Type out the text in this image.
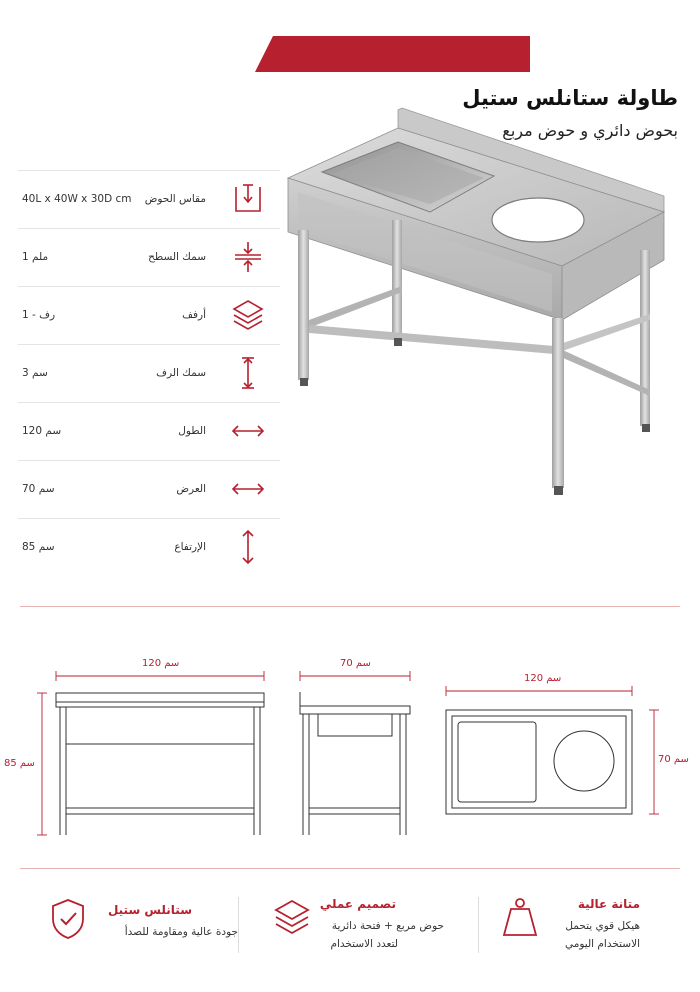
داتا شيت
طاولة ستانلس ستيل
بحوض دائري و حوض مربع
40L x 40W x 30D cm مقاس الحوض
1 ملم	سمك السطح
1 - رف	أرفف
3 سم	سمك الرف
120 سم	الطول
70 سم	العرض
85 سم	الإرتفاع
120 سم
85 سم
70 سم
120 سم
70 سم
ستانلس ستيل
جودة عالية ومقاومة للصدأ
تصميم عملي
حوض مربع + فتحة دائرية
لتعدد الاستخدام
متانة عالية
هيكل قوي يتحمل
الاستخدام اليومي
